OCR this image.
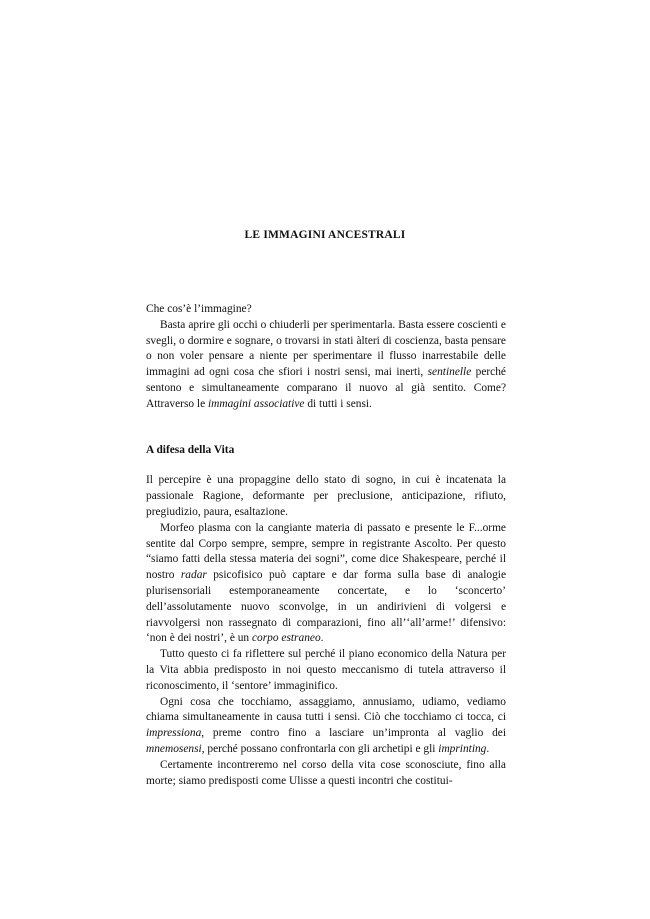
LE IMMAGINI ANCESTRALI

Che cos’è l’immagine?

Basta aprire gli occhi o chiuderli per sperimentarla. Basta essere coscienti e svegli, o dormire e sognare, o trovarsi in stati àlteri di coscienza, basta pensare o non voler pensare a niente per sperimentare il flusso inarrestabile delle immagini ad ogni cosa che sfiori i nostri sensi, mai inerti, sentinelle perché sentono e simultaneamente comparano il nuovo al già sentito. Come? Attraverso le immagini associative di tutti i sensi.

A difesa della Vita

Il percepire è una propaggine dello stato di sogno, in cui è incatenata la passionale Ragione, deformante per preclusione, anticipazione, rifiuto, pregiudizio, paura, esaltazione.

Morfeo plasma con la cangiante materia di passato e presente le F...orme sentite dal Corpo sempre, sempre, sempre in registrante Ascolto. Per questo “siamo fatti della stessa materia dei sogni”, come dice Shakespeare, perché il nostro radar psicofisico può captare e dar forma sulla base di analogie plurisensoriali estemporaneamente concertate, e lo ‘sconcerto’ dell’assolutamente nuovo sconvolge, in un andirivieni di volgersi e riavvolgersi non rassegnato di comparazioni, fino all’‘all’arme!’ difensivo: ‘non è dei nostri’, è un corpo estraneo.

Tutto questo ci fa riflettere sul perché il piano economico della Natura per la Vita abbia predisposto in noi questo meccanismo di tutela attraverso il riconoscimento, il ‘sentore’ immaginifico.

Ogni cosa che tocchiamo, assaggiamo, annusiamo, udiamo, vediamo chiama simultaneamente in causa tutti i sensi. Ciò che tocchiamo ci tocca, ci impressiona, preme contro fino a lasciare un’impronta al vaglio dei mnemosensi, perché possano confrontarla con gli archetipi e gli imprinting.

Certamente incontreremo nel corso della vita cose sconosciute, fino alla morte; siamo predisposti come Ulisse a questi incontri che costitui-
